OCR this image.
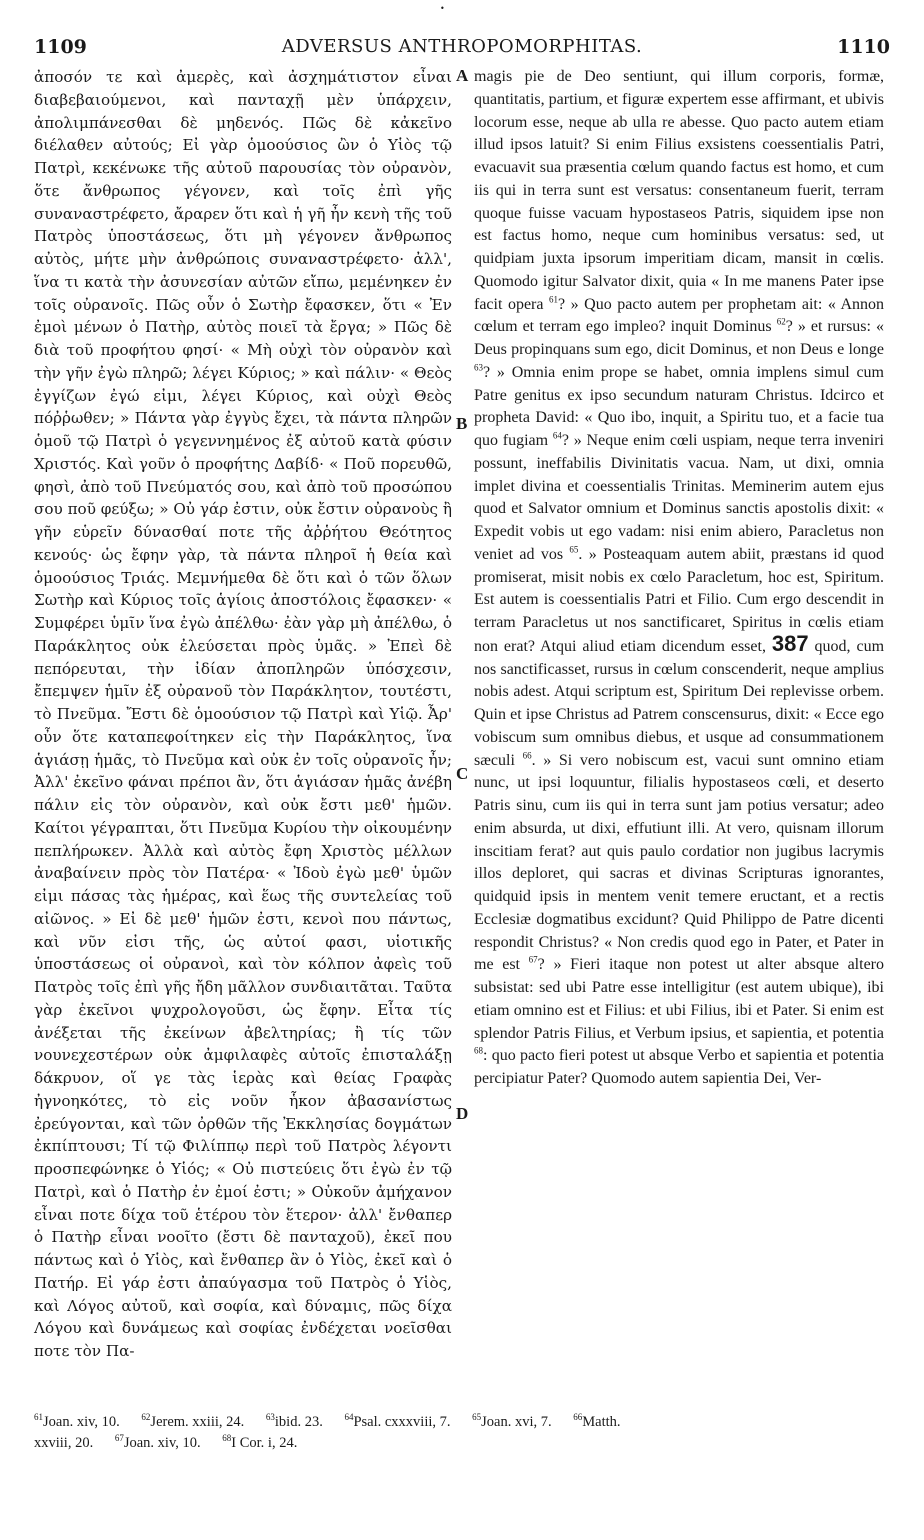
•
1109	ADVERSUS ANTHROPOMORPHITAS.	1110

ἀποσόν τε καὶ ἀμερὲς, καὶ ἀσχημάτιστον εἶναι διαβεβαιούμενοι, καὶ πανταχῇ μὲν ὑπάρχειν, ἀπολιμπάνεσθαι δὲ μηδενός. Πῶς δὲ κἀκεῖνο διέλαθεν αὐτούς; Εἰ γὰρ ὁμοούσιος ὢν ὁ Υἱὸς τῷ Πατρὶ, κεκένωκε τῆς αὐτοῦ παρουσίας τὸν οὐρανὸν, ὅτε ἄνθρωπος γέγονεν, καὶ τοῖς ἐπὶ γῆς συναναστρέφετο, ἄραρεν ὅτι καὶ ἡ γῆ ἦν κενὴ τῆς τοῦ Πατρὸς ὑποστάσεως, ὅτι μὴ γέγονεν ἄνθρωπος αὐτὸς, μήτε μὴν ἀνθρώποις συναναστρέφετο· ἀλλ', ἵνα τι κατὰ τὴν ἀσυνεσίαν αὐτῶν εἴπω, μεμένηκεν ἐν τοῖς οὐρανοῖς. Πῶς οὖν ὁ Σωτὴρ ἔφασκεν, ὅτι « Ἐν ἐμοὶ μένων ὁ Πατὴρ, αὐτὸς ποιεῖ τὰ ἔργα; » Πῶς δὲ διὰ τοῦ προφήτου φησί· « Μὴ οὐχὶ τὸν οὐρανὸν καὶ τὴν γῆν ἐγὼ πληρῶ; λέγει Κύριος; » καὶ πάλιν· « Θεὸς ἐγγίζων ἐγώ εἰμι, λέγει Κύριος, καὶ οὐχὶ Θεὸς πόῤῥωθεν; » Πάντα γὰρ ἐγγὺς ἔχει, τὰ πάντα πληρῶν ὁμοῦ τῷ Πατρὶ ὁ γεγεννημένος ἐξ αὐτοῦ κατὰ φύσιν Χριστός. Καὶ γοῦν ὁ προφήτης Δαβίδ· « Ποῦ πορευθῶ, φησὶ, ἀπὸ τοῦ Πνεύματός σου, καὶ ἀπὸ τοῦ προσώπου σου ποῦ φεύξω; » Οὐ γάρ ἐστιν, οὐκ ἔστιν οὐρανοὺς ἢ γῆν εὑρεῖν δύνασθαί ποτε τῆς ἀῤῥήτου Θεότητος κενούς· ὡς ἔφην γὰρ, τὰ πάντα πληροῖ ἡ θεία καὶ ὁμοούσιος Τριάς. Μεμνήμεθα δὲ ὅτι καὶ ὁ τῶν ὅλων Σωτὴρ καὶ Κύριος τοῖς ἁγίοις ἀποστόλοις ἔφασκεν· « Συμφέρει ὑμῖν ἵνα ἐγὼ ἀπέλθω· ἐὰν γὰρ μὴ ἀπέλθω, ὁ Παράκλητος οὐκ ἐλεύσεται πρὸς ὑμᾶς. » Ἐπεὶ δὲ πεπόρευται, τὴν ἰδίαν ἀποπληρῶν ὑπόσχεσιν, ἔπεμψεν ἡμῖν ἐξ οὐρανοῦ τὸν Παράκλητον, τουτέστι, τὸ Πνεῦμα. Ἔστι δὲ ὁμοούσιον τῷ Πατρὶ καὶ Υἱῷ. Ἆρ' οὖν ὅτε καταπεφοίτηκεν εἰς τὴν Παράκλητος, ἵνα ἁγιάσῃ ἡμᾶς, τὸ Πνεῦμα καὶ οὐκ ἐν τοῖς οὐρανοῖς ἦν; Ἀλλ' ἐκεῖνο φάναι πρέποι ἂν, ὅτι ἁγιάσαν ἡμᾶς ἀνέβη πάλιν εἰς τὸν οὐρανὸν, καὶ οὐκ ἔστι μεθ' ἡμῶν. Καίτοι γέγραπται, ὅτι Πνεῦμα Κυρίου τὴν οἰκουμένην πεπλήρωκεν. Ἀλλὰ καὶ αὐτὸς ἔφη Χριστὸς μέλλων ἀναβαίνειν πρὸς τὸν Πατέρα· « Ἰδοὺ ἐγὼ μεθ' ὑμῶν εἰμι πάσας τὰς ἡμέρας, καὶ ἕως τῆς συντελείας τοῦ αἰῶνος. » Εἰ δὲ μεθ' ἡμῶν ἐστι, κενοὶ που πάντως, καὶ νῦν εἰσι τῆς, ὡς αὐτοί φασι, υἱοτικῆς ὑποστάσεως οἱ οὐρανοὶ, καὶ τὸν κόλπον ἀφεὶς τοῦ Πατρὸς τοῖς ἐπὶ γῆς ἤδη μᾶλλον συνδιαιτᾶται. Ταῦτα γὰρ ἐκεῖνοι ψυχρολογοῦσι, ὡς ἔφην. Εἶτα τίς ἀνέξεται τῆς ἐκείνων ἀβελτηρίας; ἢ τίς τῶν νουνεχεστέρων οὐκ ἀμφιλαφὲς αὐτοῖς ἐπισταλάξῃ δάκρυον, οἵ γε τὰς ἱερὰς καὶ θείας Γραφὰς ἠγνοηκότες, τὸ εἰς νοῦν ἧκον ἀβασανίστως ἐρεύγονται, καὶ τῶν ὀρθῶν τῆς Ἐκκλησίας δογμάτων ἐκπίπτουσι; Τί τῷ Φιλίππῳ περὶ τοῦ Πατρὸς λέγοντι προσπεφώνηκε ὁ Υἱός; « Οὐ πιστεύεις ὅτι ἐγὼ ἐν τῷ Πατρὶ, καὶ ὁ Πατὴρ ἐν ἐμοί ἐστι; » Οὐκοῦν ἀμήχανον εἶναι ποτε δίχα τοῦ ἑτέρου τὸν ἕτερον· ἀλλ' ἔνθαπερ ὁ Πατὴρ εἶναι νοοῖτο (ἔστι δὲ πανταχοῦ), ἐκεῖ που πάντως καὶ ὁ Υἱὸς, καὶ ἔνθαπερ ἂν ὁ Υἱὸς, ἐκεῖ καὶ ὁ Πατήρ. Εἰ γάρ ἐστι ἀπαύγασμα τοῦ Πατρὸς ὁ Υἱὸς, καὶ Λόγος αὐτοῦ, καὶ σοφία, καὶ δύναμις, πῶς δίχα Λόγου καὶ δυνάμεως καὶ σοφίας ἐνδέχεται νοεῖσθαι ποτε τὸν Πα-

A
B
C
D

magis pie de Deo sentiunt, qui illum corporis, formæ, quantitatis, partium, et figuræ expertem esse affirmant, et ubivis locorum esse, neque ab ulla re abesse. Quo pacto autem etiam illud ipsos latuit? Si enim Filius exsistens coessentialis Patri, evacuavit sua præsentia cœlum quando factus est homo, et cum iis qui in terra sunt est versatus: consentaneum fuerit, terram quoque fuisse vacuam hypostaseos Patris, siquidem ipse non est factus homo, neque cum hominibus versatus: sed, ut quidpiam juxta ipsorum imperitiam dicam, mansit in cœlis. Quomodo igitur Salvator dixit, quia « In me manens Pater ipse facit opera $^{61}$? » Quo pacto autem per prophetam ait: « Annon cœlum et terram ego impleo? inquit Dominus $^{62}$? » et rursus: « Deus propinquans sum ego, dicit Dominus, et non Deus e longe $^{63}$? » Omnia enim prope se habet, omnia implens simul cum Patre genitus ex ipso secundum naturam Christus. Idcirco et propheta David: « Quo ibo, inquit, a Spiritu tuo, et a facie tua quo fugiam $^{64}$? » Neque enim cœli uspiam, neque terra inveniri possunt, ineffabilis Divinitatis vacua. Nam, ut dixi, omnia implet divina et coessentialis Trinitas. Meminerim autem ejus quod et Salvator omnium et Dominus sanctis apostolis dixit: « Expedit vobis ut ego vadam: nisi enim abiero, Paracletus non veniet ad vos $^{65}$. » Posteaquam autem abiit, præstans id quod promiserat, misit nobis ex cœlo Paracletum, hoc est, Spiritum. Est autem is coessentialis Patri et Filio. Cum ergo descendit in terram Paracletus ut nos sanctificaret, Spiritus in cœlis etiam non erat? Atqui aliud etiam dicendum esset, 387 quod, cum nos sanctificasset, rursus in cœlum conscenderit, neque amplius nobis adest. Atqui scriptum est, Spiritum Dei replevisse orbem. Quin et ipse Christus ad Patrem conscensurus, dixit: « Ecce ego vobiscum sum omnibus diebus, et usque ad consummationem sæculi $^{66}$. » Si vero nobiscum est, vacui sunt omnino etiam nunc, ut ipsi loquuntur, filialis hypostaseos cœli, et deserto Patris sinu, cum iis qui in terra sunt jam potius versatur; adeo enim absurda, ut dixi, effutiunt illi. At vero, quisnam illorum inscitiam ferat? aut quis paulo cordatior non jugibus lacrymis illos deploret, qui sacras et divinas Scripturas ignorantes, quidquid ipsis in mentem venit temere eructant, et a rectis Ecclesiæ dogmatibus excidunt? Quid Philippo de Patre dicenti respondit Christus? « Non credis quod ego in Pater, et Pater in me est $^{67}$? » Fieri itaque non potest ut alter absque altero subsistat: sed ubi Patre esse intelligitur (est autem ubique), ibi etiam omnino est et Filius: et ubi Filius, ibi et Pater. Si enim est splendor Patris Filius, et Verbum ipsius, et sapientia, et potentia $^{68}$: quo pacto fieri potest ut absque Verbo et sapientia et potentia percipiatur Pater? Quomodo autem sapientia Dei, Ver-

$^{61}$Joan. xiv, 10. $^{62}$Jerem. xxiii, 24. $^{63}$ibid. 23. $^{64}$Psal. cxxxviii, 7. $^{65}$Joan. xvi, 7. $^{66}$Matth.

xxviii, 20. $^{67}$Joan. xiv, 10. $^{68}$I Cor. i, 24.
